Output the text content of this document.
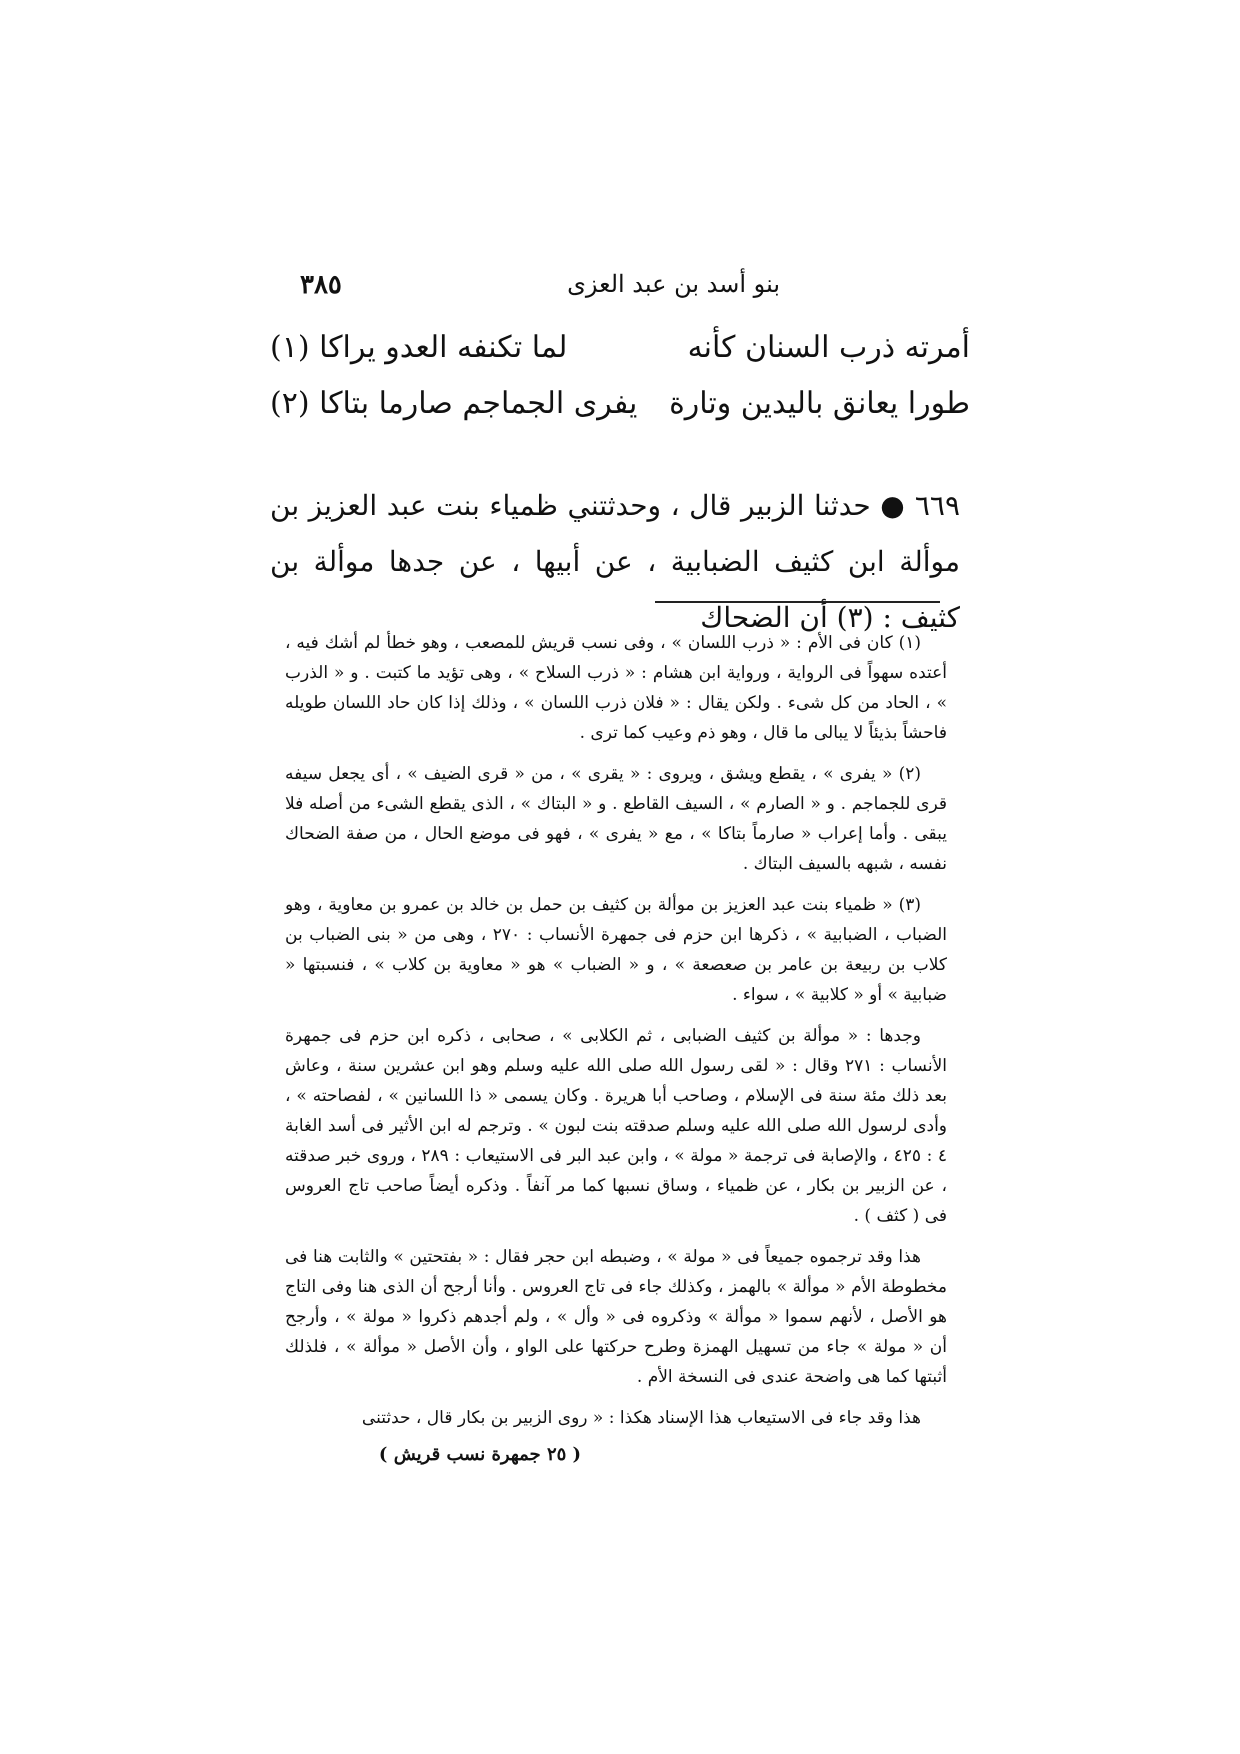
بنو أسد بن عبد العزى
٣٨٥
أمرته ذرب السنان كأنه
لما تكنفه العدو يراكا (١)
طورا يعانق باليدين وتارة
يفرى الجماجم صارما بتاكا (٢)
٦٦٩ ● حدثنا الزبير قال ، وحدثتني ظمياء بنت عبد العزيز بن موألة ابن كثيف الضبابية ، عن أبيها ، عن جدها موألة بن كثيف : (٣) أن الضحاك

(١) كان فى الأم : « ذرب اللسان » ، وفى نسب قريش للمصعب ، وهو خطأ لم أشك فيه ، أعتده سهواً فى الرواية ، ورواية ابن هشام : « ذرب السلاح » ، وهى تؤيد ما كتبت . و « الذرب » ، الحاد من كل شىء . ولكن يقال : « فلان ذرب اللسان » ، وذلك إذا كان حاد اللسان طويله فاحشاً بذيئاً لا يبالى ما قال ، وهو ذم وعيب كما ترى .

(٢) « يفرى » ، يقطع ويشق ، ويروى : « يقرى » ، من « قرى الضيف » ، أى يجعل سيفه قرى للجماجم . و « الصارم » ، السيف القاطع . و « البتاك » ، الذى يقطع الشىء من أصله فلا يبقى . وأما إعراب « صارماً بتاكا » ، مع « يفرى » ، فهو فى موضع الحال ، من صفة الضحاك نفسه ، شبهه بالسيف البتاك .

(٣) « ظمياء بنت عبد العزيز بن موألة بن كثيف بن حمل بن خالد بن عمرو بن معاوية ، وهو الضباب ، الضبابية » ، ذكرها ابن حزم فى جمهرة الأنساب : ٢٧٠ ، وهى من « بنى الضباب بن كلاب بن ربيعة بن عامر بن صعصعة » ، و « الضباب » هو « معاوية بن كلاب » ، فنسبتها « ضبابية » أو « كلابية » ، سواء .

وجدها : « موألة بن كثيف الضبابى ، ثم الكلابى » ، صحابى ، ذكره ابن حزم فى جمهرة الأنساب : ٢٧١ وقال : « لقى رسول الله صلى الله عليه وسلم وهو ابن عشرين سنة ، وعاش بعد ذلك مئة سنة فى الإسلام ، وصاحب أبا هريرة . وكان يسمى « ذا اللسانين » ، لفصاحته » ، وأدى لرسول الله صلى الله عليه وسلم صدقته بنت لبون » . وترجم له ابن الأثير فى أسد الغابة ٤ : ٤٢٥ ، والإصابة فى ترجمة « مولة » ، وابن عبد البر فى الاستيعاب : ٢٨٩ ، وروى خبر صدقته ، عن الزبير بن بكار ، عن ظمياء ، وساق نسبها كما مر آنفاً . وذكره أيضاً صاحب تاج العروس فى ( كثف ) .

هذا وقد ترجموه جميعاً فى « مولة » ، وضبطه ابن حجر فقال : « بفتحتين » والثابت هنا فى مخطوطة الأم « موألة » بالهمز ، وكذلك جاء فى تاج العروس . وأنا أرجح أن الذى هنا وفى التاج هو الأصل ، لأنهم سموا « موألة » وذكروه فى « وأل » ، ولم أجدهم ذكروا « مولة » ، وأرجح أن « مولة » جاء من تسهيل الهمزة وطرح حركتها على الواو ، وأن الأصل « موألة » ، فلذلك أثبتها كما هى واضحة عندى فى النسخة الأم .

هذا وقد جاء فى الاستيعاب هذا الإسناد هكذا : « روى الزبير بن بكار قال ، حدثتنى

( ٢٥ جمهرة نسب قريش )
